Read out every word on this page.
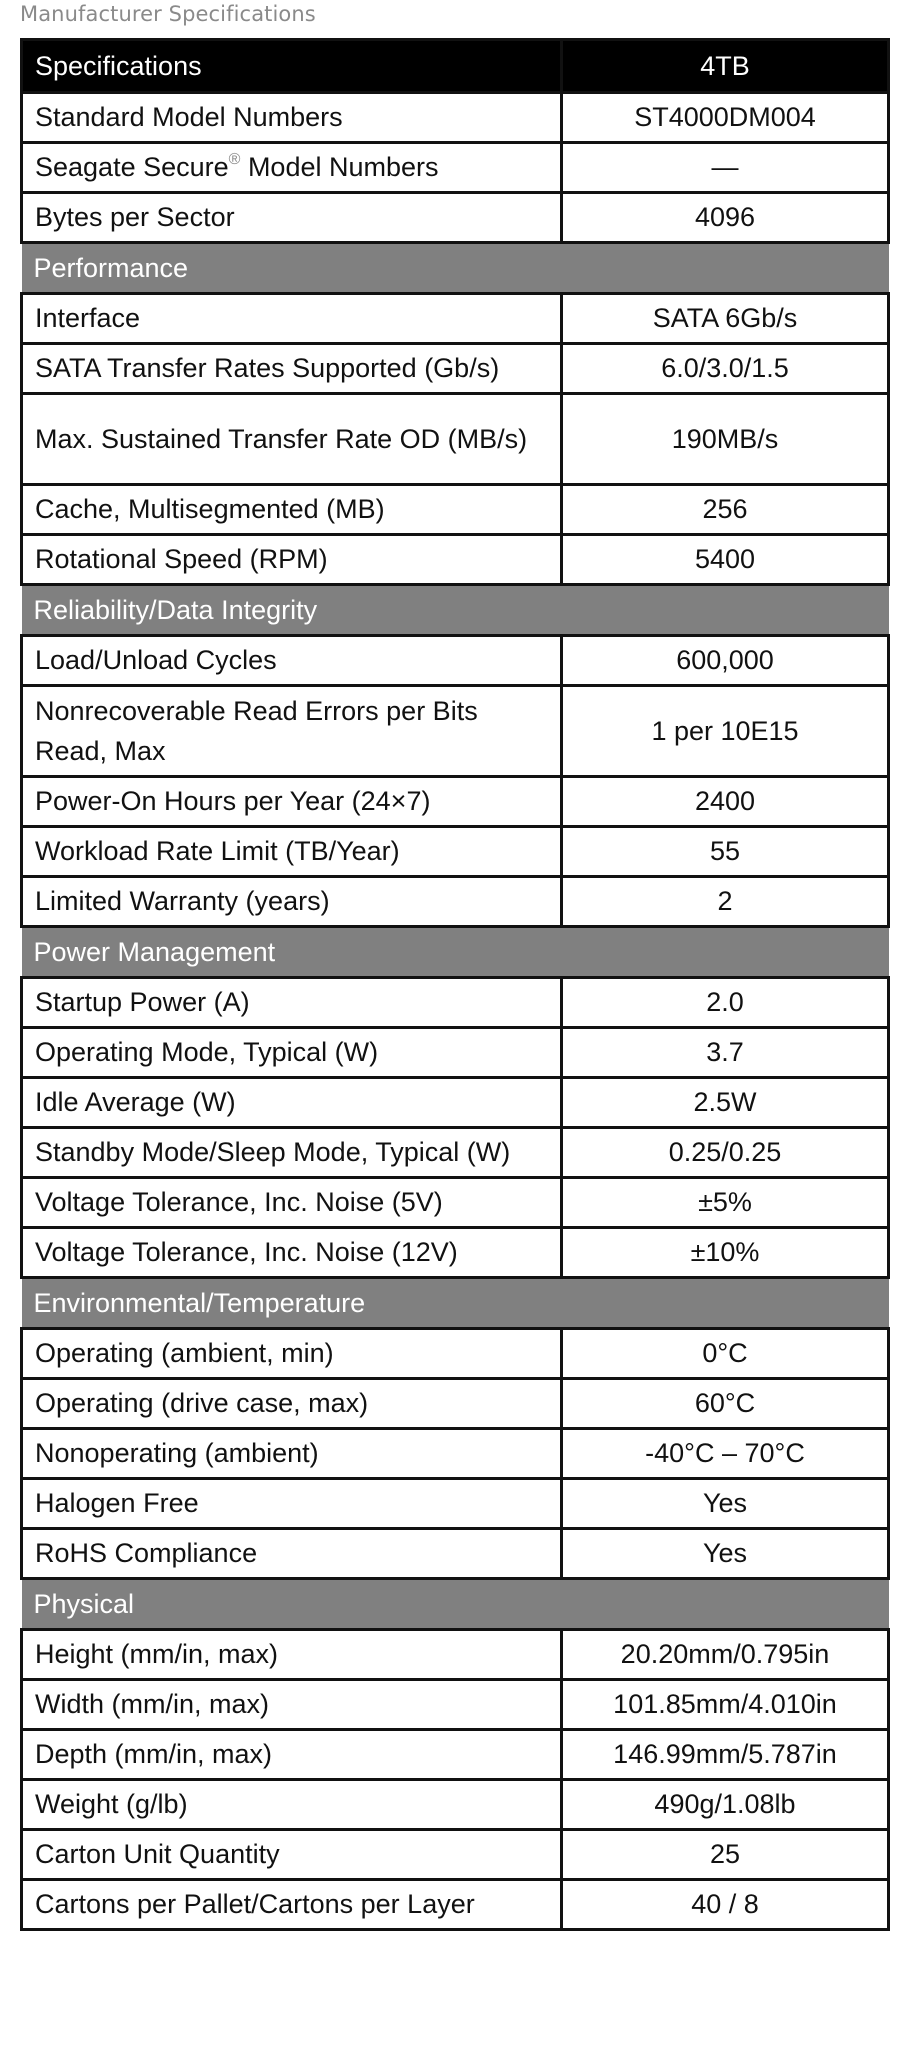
Manufacturer Specifications
Specifications	4TB
Standard Model Numbers	ST4000DM004
Seagate Secure® Model Numbers	—
Bytes per Sector	4096
Performance	
Interface	SATA 6Gb/s
SATA Transfer Rates Supported (Gb/s)	6.0/3.0/1.5
Max. Sustained Transfer Rate OD (MB/s)	190MB/s
Cache, Multisegmented (MB)	256
Rotational Speed (RPM)	5400
Reliability/Data Integrity	
Load/Unload Cycles	600,000
Nonrecoverable Read Errors per Bits Read, Max	1 per 10E15
Power-On Hours per Year (24×7)	2400
Workload Rate Limit (TB/Year)	55
Limited Warranty (years)	2
Power Management	
Startup Power (A)	2.0
Operating Mode, Typical (W)	3.7
Idle Average (W)	2.5W
Standby Mode/Sleep Mode, Typical (W)	0.25/0.25
Voltage Tolerance, Inc. Noise (5V)	±5%
Voltage Tolerance, Inc. Noise (12V)	±10%
Environmental/Temperature	
Operating (ambient, min)	0°C
Operating (drive case, max)	60°C
Nonoperating (ambient)	-40°C – 70°C
Halogen Free	Yes
RoHS Compliance	Yes
Physical	
Height (mm/in, max)	20.20mm/0.795in
Width (mm/in, max)	101.85mm/4.010in
Depth (mm/in, max)	146.99mm/5.787in
Weight (g/lb)	490g/1.08lb
Carton Unit Quantity	25
Cartons per Pallet/Cartons per Layer	40 / 8
